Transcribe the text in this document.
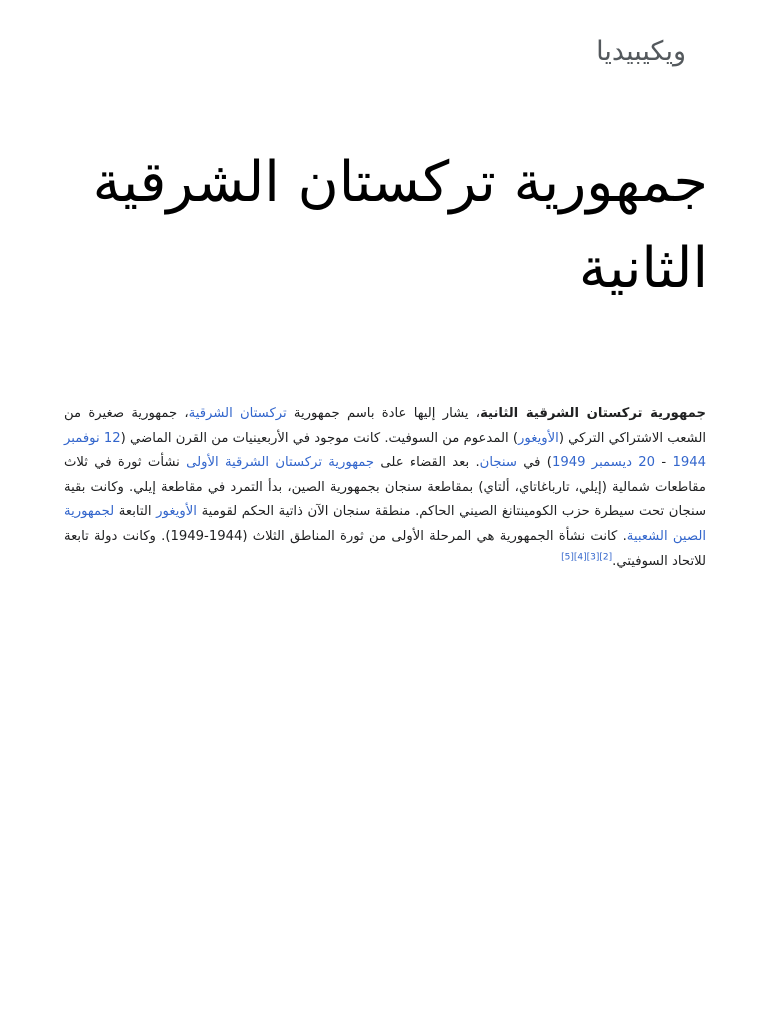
ويكيبيديا
جمهورية تركستان الشرقية الثانية

جمهورية تركستان الشرقية الثانية، يشار إليها عادة باسم جمهورية تركستان الشرقية، جمهورية صغيرة من الشعب الاشتراكي التركي (الأويغور) المدعوم من السوفيت. كانت موجود في الأربعينيات من القرن الماضي (12 نوفمبر 1944 - 20 ديسمبر 1949) في سنجان. بعد القضاء على جمهورية تركستان الشرقية الأولى نشأت ثورة في ثلاث مقاطعات شمالية (إيلي، تارباغاتاي، ألتاي) بمقاطعة سنجان بجمهورية الصين، بدأ التمرد في مقاطعة إيلي. وكانت بقية سنجان تحت سيطرة حزب الكومينتانغ الصيني الحاكم. منطقة سنجان الآن ذاتية الحكم لقومية الأويغور التابعة لجمهورية الصين الشعبية. كانت نشأة الجمهورية هي المرحلة الأولى من ثورة المناطق الثلاث (1944-1949). وكانت دولة تابعة للاتحاد السوفيتي.[2][3][4][5]
